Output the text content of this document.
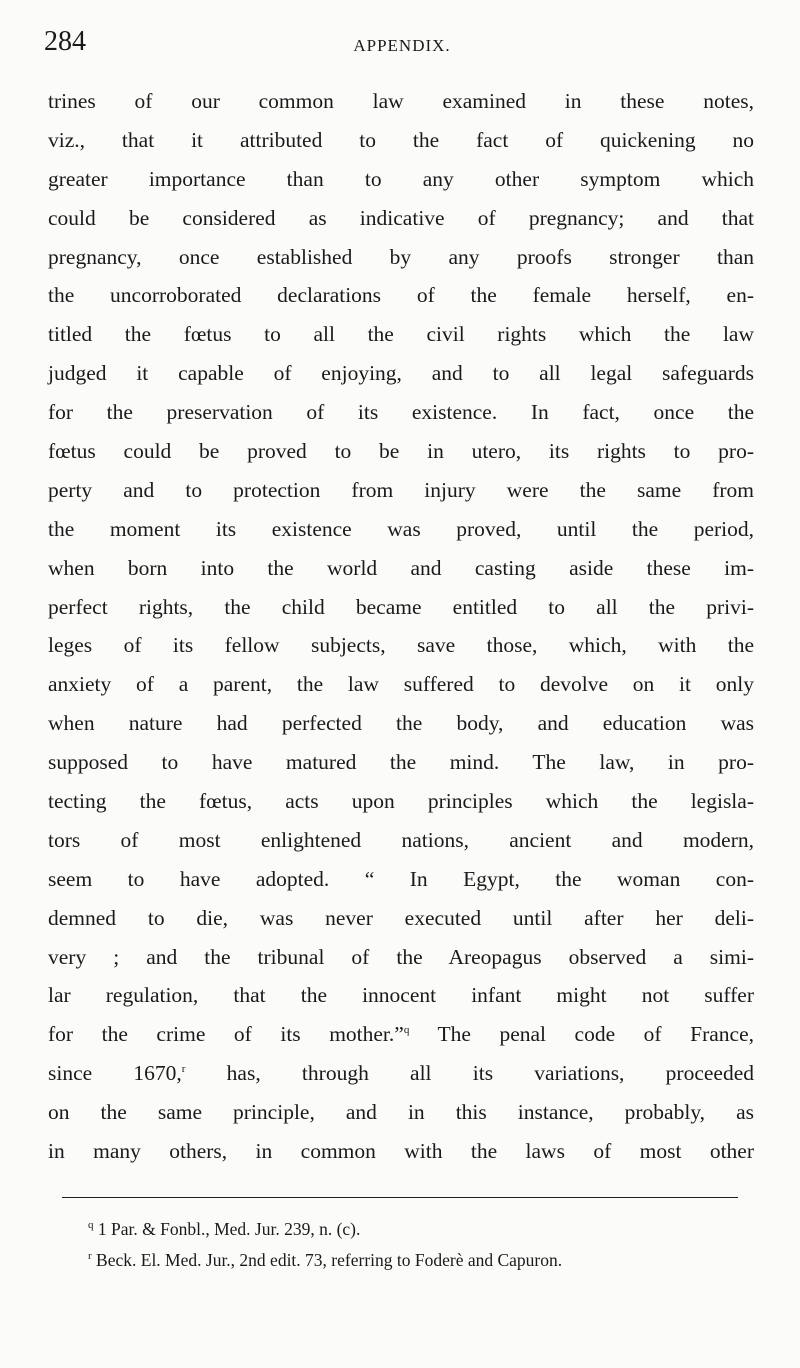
284	APPENDIX.
trines of our common law examined in these notes,
viz., that it attributed to the fact of quickening no
greater importance than to any other symptom which
could be considered as indicative of pregnancy; and that
pregnancy, once established by any proofs stronger than
the uncorroborated declarations of the female herself, en-
titled the fœtus to all the civil rights which the law
judged it capable of enjoying, and to all legal safeguards
for the preservation of its existence. In fact, once the
fœtus could be proved to be in utero, its rights to pro-
perty and to protection from injury were the same from
the moment its existence was proved, until the period,
when born into the world and casting aside these im-
perfect rights, the child became entitled to all the privi-
leges of its fellow subjects, save those, which, with the
anxiety of a parent, the law suffered to devolve on it only
when nature had perfected the body, and education was
supposed to have matured the mind. The law, in pro-
tecting the fœtus, acts upon principles which the legisla-
tors of most enlightened nations, ancient and modern,
seem to have adopted. “ In Egypt, the woman con-
demned to die, was never executed until after her deli-
very ; and the tribunal of the Areopagus observed a simi-
lar regulation, that the innocent infant might not suffer
for the crime of its mother.”$^q$ The penal code of France,
since 1670,$^r$ has, through all its variations, proceeded
on the same principle, and in this instance, probably, as
in many others, in common with the laws of most other
$^q$ 1 Par. & Fonbl., Med. Jur. 239, n. (c).
$^r$ Beck. El. Med. Jur., 2nd edit. 73, referring to Foderè and Capuron.
